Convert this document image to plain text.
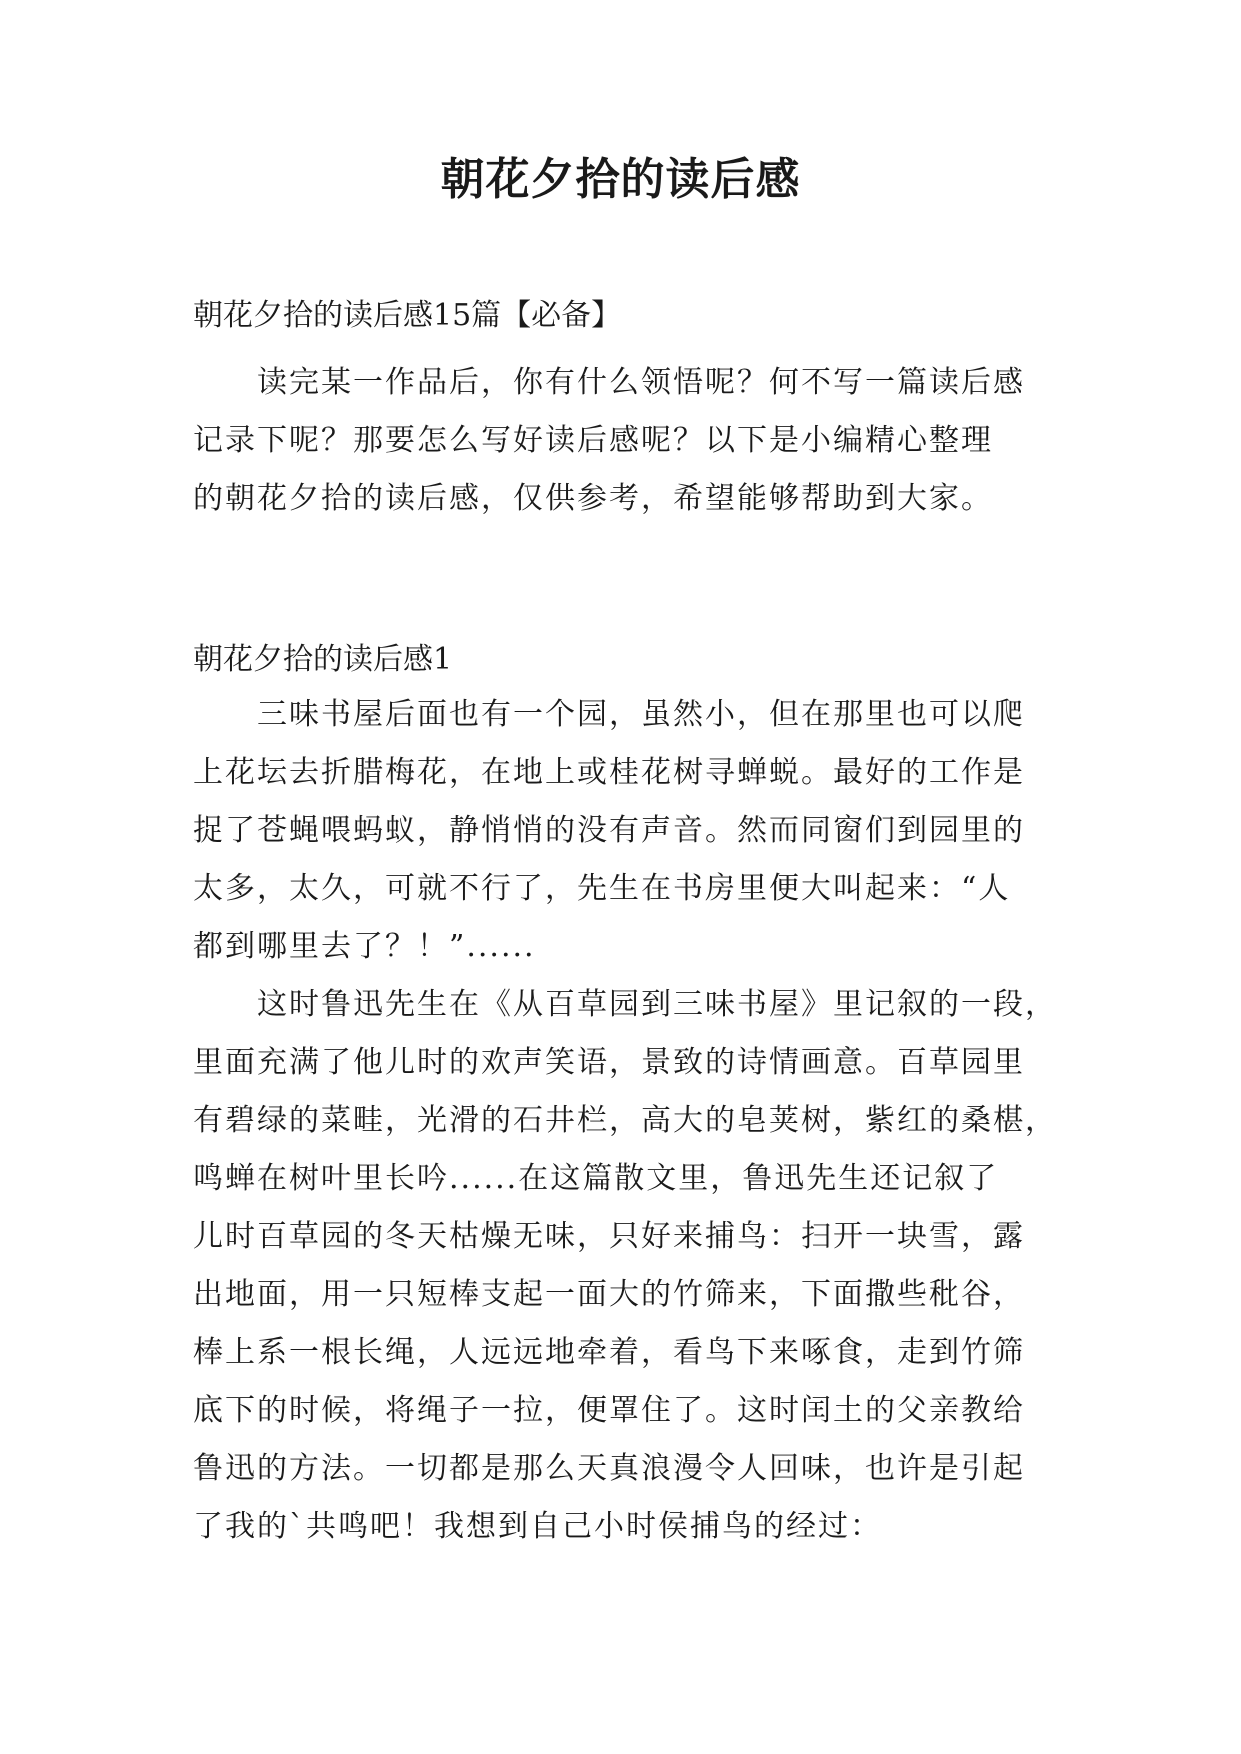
朝花夕拾的读后感
朝花夕拾的读后感15篇【必备】
读完某一作品后，你有什么领悟呢？何不写一篇读后感
记录下呢？那要怎么写好读后感呢？以下是小编精心整理
的朝花夕拾的读后感，仅供参考，希望能够帮助到大家。
朝花夕拾的读后感1
三味书屋后面也有一个园，虽然小，但在那里也可以爬
上花坛去折腊梅花，在地上或桂花树寻蝉蜕。最好的工作是
捉了苍蝇喂蚂蚁，静悄悄的没有声音。然而同窗们到园里的
太多，太久，可就不行了，先生在书房里便大叫起来：“人
都到哪里去了？！”......
这时鲁迅先生在《从百草园到三味书屋》里记叙的一段，
里面充满了他儿时的欢声笑语，景致的诗情画意。百草园里
有碧绿的菜畦，光滑的石井栏，高大的皂荚树，紫红的桑椹，
鸣蝉在树叶里长吟......在这篇散文里，鲁迅先生还记叙了
儿时百草园的冬天枯燥无味，只好来捕鸟：扫开一块雪，露
出地面，用一只短棒支起一面大的竹筛来，下面撒些秕谷，
棒上系一根长绳，人远远地牵着，看鸟下来啄食，走到竹筛
底下的时候，将绳子一拉，便罩住了。这时闰土的父亲教给
鲁迅的方法。一切都是那么天真浪漫令人回味，也许是引起
了我的`共鸣吧！我想到自己小时侯捕鸟的经过：
